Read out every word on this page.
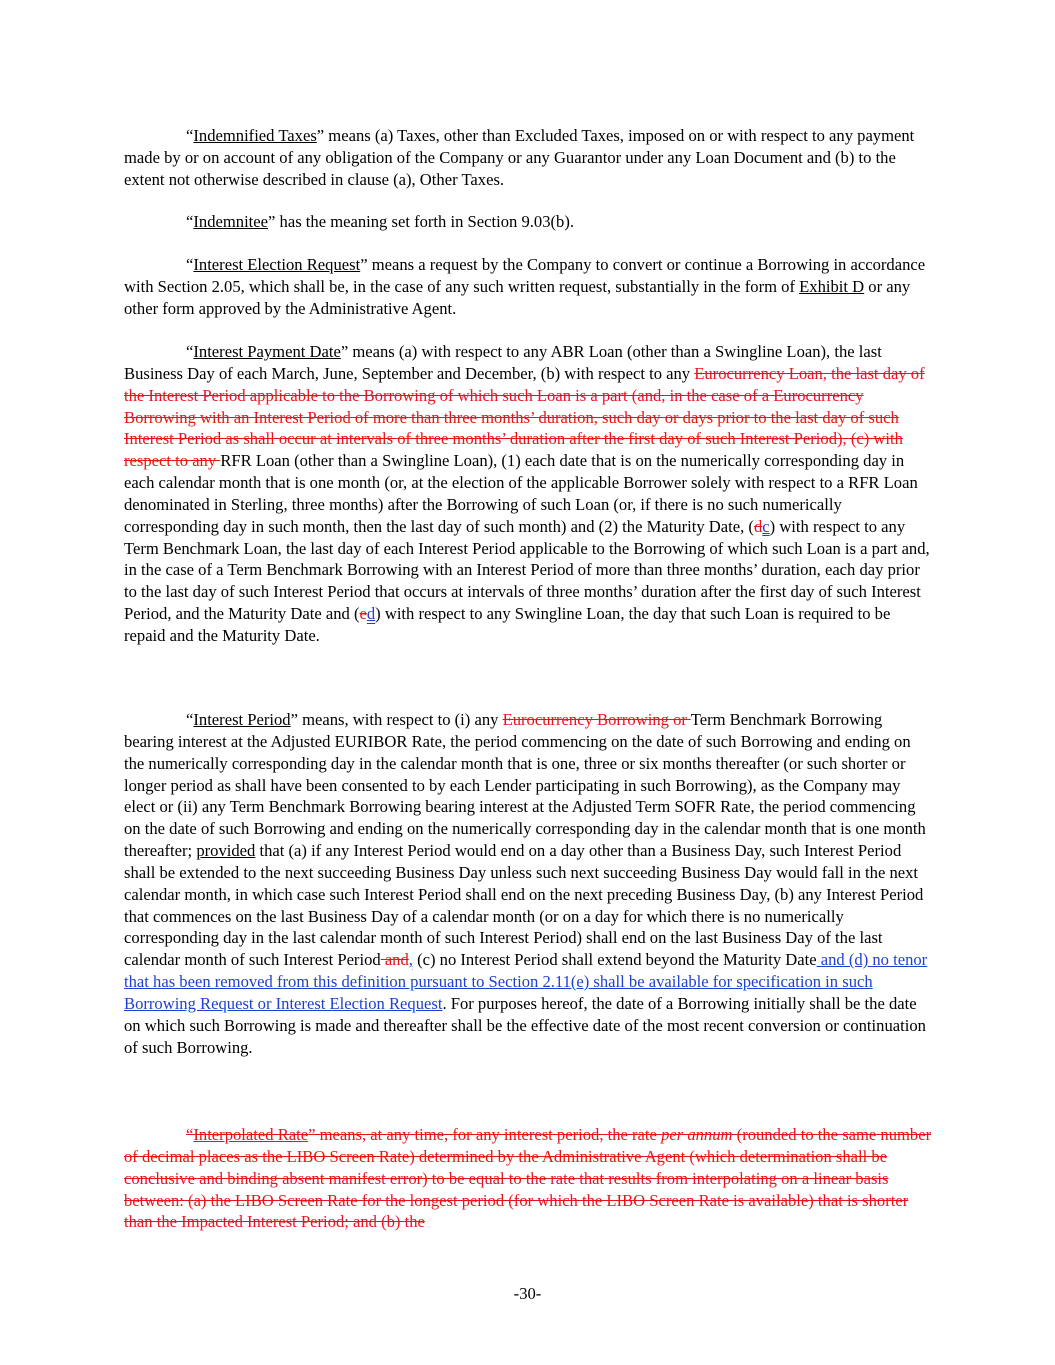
“Indemnified Taxes” means (a) Taxes, other than Excluded Taxes, imposed on or with respect to any payment made by or on account of any obligation of the Company or any Guarantor under any Loan Document and (b) to the extent not otherwise described in clause (a), Other Taxes.

“Indemnitee” has the meaning set forth in Section 9.03(b).

“Interest Election Request” means a request by the Company to convert or continue a Borrowing in accordance with Section 2.05, which shall be, in the case of any such written request, substantially in the form of Exhibit D or any other form approved by the Administrative Agent.

“Interest Payment Date” means (a) with respect to any ABR Loan (other than a Swingline Loan), the last Business Day of each March, June, September and December, (b) with respect to any Eurocurrency Loan, the last day of the Interest Period applicable to the Borrowing of which such Loan is a part (and, in the case of a Eurocurrency Borrowing with an Interest Period of more than three months’ duration, such day or days prior to the last day of such Interest Period as shall occur at intervals of three months’ duration after the first day of such Interest Period), (c) with respect to any RFR Loan (other than a Swingline Loan), (1) each date that is on the numerically corresponding day in each calendar month that is one month (or, at the election of the applicable Borrower solely with respect to a RFR Loan denominated in Sterling, three months) after the Borrowing of such Loan (or, if there is no such numerically corresponding day in such month, then the last day of such month) and (2) the Maturity Date, (dc) with respect to any Term Benchmark Loan, the last day of each Interest Period applicable to the Borrowing of which such Loan is a part and, in the case of a Term Benchmark Borrowing with an Interest Period of more than three months’ duration, each day prior to the last day of such Interest Period that occurs at intervals of three months’ duration after the first day of such Interest Period, and the Maturity Date and (ed) with respect to any Swingline Loan, the day that such Loan is required to be repaid and the Maturity Date.

“Interest Period” means, with respect to (i) any Eurocurrency Borrowing or Term Benchmark Borrowing bearing interest at the Adjusted EURIBOR Rate, the period commencing on the date of such Borrowing and ending on the numerically corresponding day in the calendar month that is one, three or six months thereafter (or such shorter or longer period as shall have been consented to by each Lender participating in such Borrowing), as the Company may elect or (ii) any Term Benchmark Borrowing bearing interest at the Adjusted Term SOFR Rate, the period commencing on the date of such Borrowing and ending on the numerically corresponding day in the calendar month that is one month thereafter; provided that (a) if any Interest Period would end on a day other than a Business Day, such Interest Period shall be extended to the next succeeding Business Day unless such next succeeding Business Day would fall in the next calendar month, in which case such Interest Period shall end on the next preceding Business Day, (b) any Interest Period that commences on the last Business Day of a calendar month (or on a day for which there is no numerically corresponding day in the last calendar month of such Interest Period) shall end on the last Business Day of the last calendar month of such Interest Period and, (c) no Interest Period shall extend beyond the Maturity Date and (d) no tenor that has been removed from this definition pursuant to Section 2.11(e) shall be available for specification in such Borrowing Request or Interest Election Request. For purposes hereof, the date of a Borrowing initially shall be the date on which such Borrowing is made and thereafter shall be the effective date of the most recent conversion or continuation of such Borrowing.

“Interpolated Rate” means, at any time, for any interest period, the rate per annum (rounded to the same number of decimal places as the LIBO Screen Rate) determined by the Administrative Agent (which determination shall be conclusive and binding absent manifest error) to be equal to the rate that results from interpolating on a linear basis between: (a) the LIBO Screen Rate for the longest period (for which the LIBO Screen Rate is available) that is shorter than the Impacted Interest Period; and (b) the

-30-
